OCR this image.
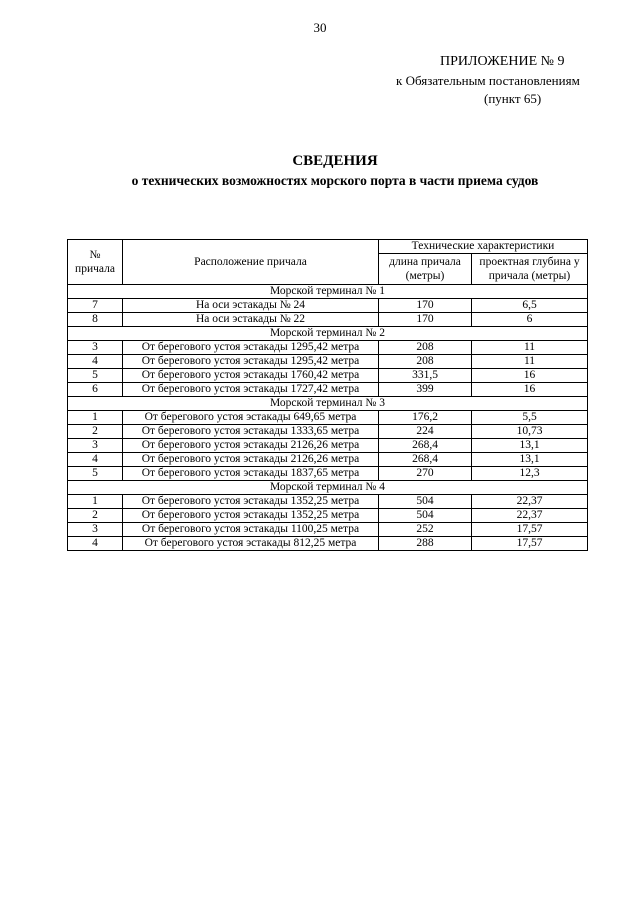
30
ПРИЛОЖЕНИЕ № 9
к Обязательным постановлениям
(пункт 65)
СВЕДЕНИЯ
о технических возможностях морского порта в части приема судов
№
причала	Расположение причала	Технические характеристики	
		длина причала (метры)	проектная глубина у причала (метры)
Морской терминал № 1			
7	На оси эстакады № 24	170	6,5
8	На оси эстакады № 22	170	6
Морской терминал № 2			
3	От берегового устоя эстакады 1295,42 метра	208	11
4	От берегового устоя эстакады 1295,42 метра	208	11
5	От берегового устоя эстакады 1760,42 метра	331,5	16
6	От берегового устоя эстакады 1727,42 метра	399	16
Морской терминал № 3			
1	От берегового устоя эстакады 649,65 метра	176,2	5,5
2	От берегового устоя эстакады 1333,65 метра	224	10,73
3	От берегового устоя эстакады 2126,26 метра	268,4	13,1
4	От берегового устоя эстакады 2126,26 метра	268,4	13,1
5	От берегового устоя эстакады 1837,65 метра	270	12,3
Морской терминал № 4			
1	От берегового устоя эстакады 1352,25 метра	504	22,37
2	От берегового устоя эстакады 1352,25 метра	504	22,37
3	От берегового устоя эстакады 1100,25 метра	252	17,57
4	От берегового устоя эстакады 812,25 метра	288	17,57
